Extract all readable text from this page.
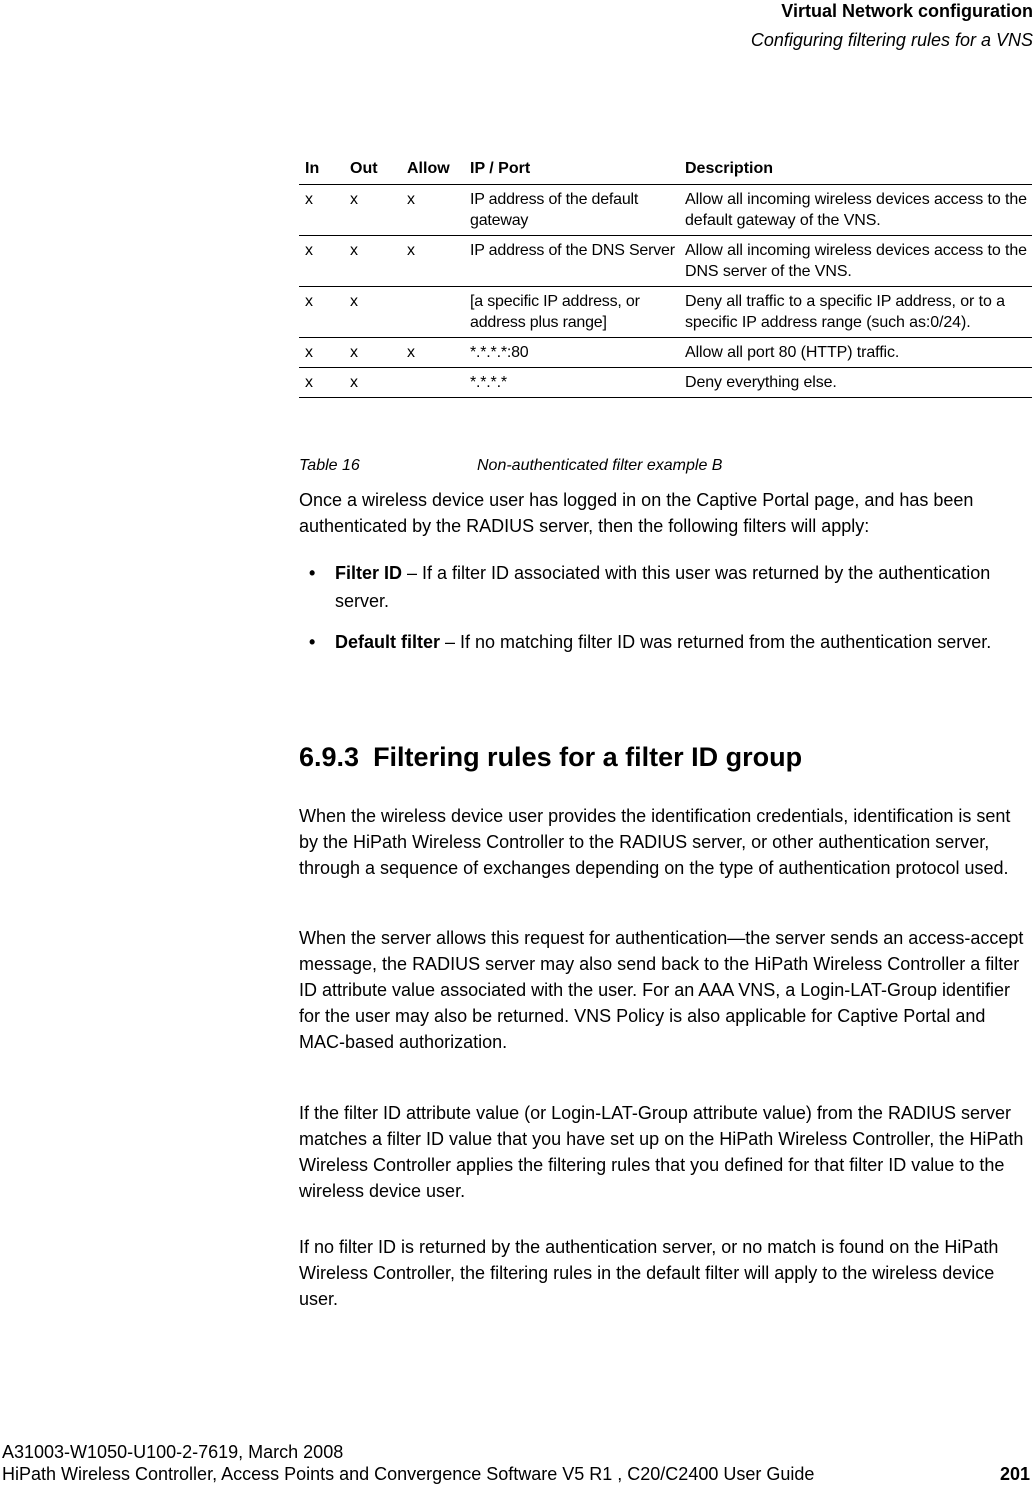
Virtual Network configuration
Configuring filtering rules for a VNS
In	Out	Allow	IP / Port	Description
x	x	x	IP address of the default gateway	Allow all incoming wireless devices access to the default gateway of the VNS.
x	x	x	IP address of the DNS Server	Allow all incoming wireless devices access to the DNS server of the VNS.
x	x		[a specific IP address, or address plus range]	Deny all traffic to a specific IP address, or to a specific IP address range (such as:0/24).
x	x	x	*.*.*.*:80	Allow all port 80 (HTTP) traffic.
x	x		*.*.*.*	Deny everything else.
Table 16	Non-authenticated filter example B
Once a wireless device user has logged in on the Captive Portal page, and has been authenticated by the RADIUS server, then the following filters will apply:
• Filter ID – If a filter ID associated with this user was returned by the authentication server.
• Default filter – If no matching filter ID was returned from the authentication server.
6.9.3 Filtering rules for a filter ID group
When the wireless device user provides the identification credentials, identification is sent by the HiPath Wireless Controller to the RADIUS server, or other authentication server, through a sequence of exchanges depending on the type of authentication protocol used.
When the server allows this request for authentication—the server sends an access-accept message, the RADIUS server may also send back to the HiPath Wireless Controller a filter ID attribute value associated with the user. For an AAA VNS, a Login-LAT-Group identifier for the user may also be returned. VNS Policy is also applicable for Captive Portal and MAC-based authorization.
If the filter ID attribute value (or Login-LAT-Group attribute value) from the RADIUS server matches a filter ID value that you have set up on the HiPath Wireless Controller, the HiPath Wireless Controller applies the filtering rules that you defined for that filter ID value to the wireless device user.
If no filter ID is returned by the authentication server, or no match is found on the HiPath Wireless Controller, the filtering rules in the default filter will apply to the wireless device user.
A31003-W1050-U100-2-7619, March 2008
HiPath Wireless Controller, Access Points and Convergence Software V5 R1 , C20/C2400 User Guide	201
